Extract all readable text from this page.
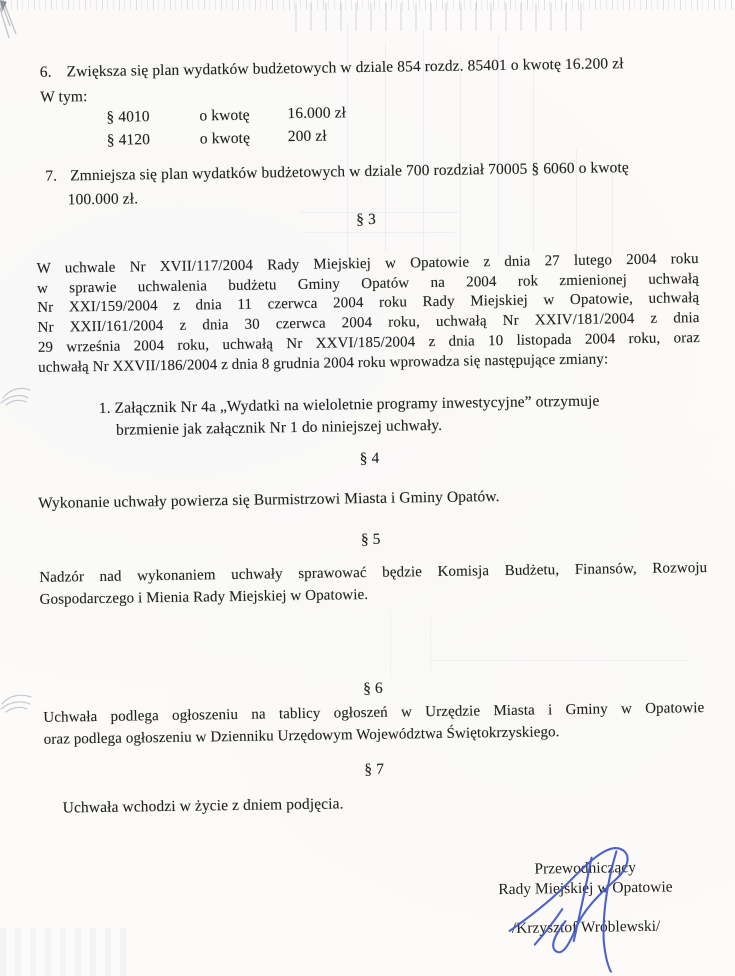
6. Zwiększa się plan wydatków budżetowych w dziale 854 rozdz. 85401 o kwotę 16.200 zł
W tym:
§ 4010	o kwotę 16.000 zł
§ 4120	o kwotę 200 zł
7. Zmniejsza się plan wydatków budżetowych w dziale 700 rozdział 70005 § 6060 o kwotę
100.000 zł.
§ 3
W uchwale Nr XVII/117/2004 Rady Miejskiej w Opatowie z dnia 27 lutego 2004 roku
w sprawie uchwalenia budżetu Gminy Opatów na 2004 rok zmienionej uchwałą
Nr XXI/159/2004 z dnia 11 czerwca 2004 roku Rady Miejskiej w Opatowie, uchwałą
Nr XXII/161/2004 z dnia 30 czerwca 2004 roku, uchwałą Nr XXIV/181/2004 z dnia
29 września 2004 roku, uchwałą Nr XXVI/185/2004 z dnia 10 listopada 2004 roku, oraz
uchwałą Nr XXVII/186/2004 z dnia 8 grudnia 2004 roku wprowadza się następujące zmiany:
1. Załącznik Nr 4a „Wydatki na wieloletnie programy inwestycyjne” otrzymuje
brzmienie jak załącznik Nr 1 do niniejszej uchwały.
§ 4
Wykonanie uchwały powierza się Burmistrzowi Miasta i Gminy Opatów.
§ 5
Nadzór nad wykonaniem uchwały sprawować będzie Komisja Budżetu, Finansów, Rozwoju
Gospodarczego i Mienia Rady Miejskiej w Opatowie.
§ 6
Uchwała podlega ogłoszeniu na tablicy ogłoszeń w Urzędzie Miasta i Gminy w Opatowie
oraz podlega ogłoszeniu w Dzienniku Urzędowym Województwa Świętokrzyskiego.
§ 7
Uchwała wchodzi w życie z dniem podjęcia.
Przewodniczący
Rady Miejskiej w Opatowie
/Krzysztof Wróblewski/
